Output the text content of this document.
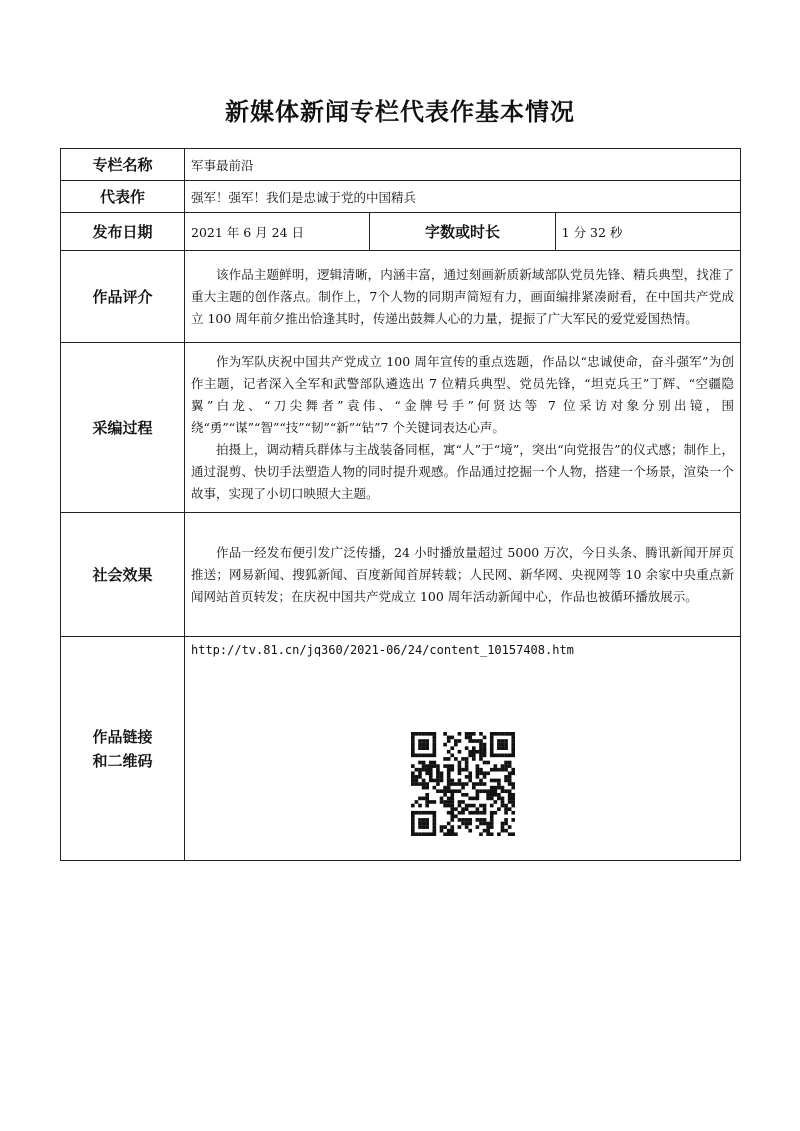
新媒体新闻专栏代表作基本情况
专栏名称	军事最前沿		
代表作	强军！强军！我们是忠诚于党的中国精兵		
发布日期	2021 年 6 月 24 日	字数或时长	1 分 32 秒
作品评介	该作品主题鲜明，逻辑清晰，内涵丰富，通过刻画新质新域部队党员先锋、精兵典型，找准了重大主题的创作落点。制作上，7个人物的同期声简短有力，画面编排紧凑耐看，在中国共产党成立 100 周年前夕推出恰逢其时，传递出鼓舞人心的力量，提振了广大军民的爱党爱国热情。		

采编过程	作为军队庆祝中国共产党成立 100 周年宣传的重点选题，作品以“忠诚使命，奋斗强军”为创作主题，记者深入全军和武警部队遴选出 7 位精兵典型、党员先锋，“坦克兵王”丁辉、“空疆隐翼”白龙、“刀尖舞者”袁伟、“金牌号手”何贤达等 7 位采访对象分别出镜，围绕“勇”“谋”“智”“技”“韧”“新”“钻”7 个关键词表达心声。

拍摄上，调动精兵群体与主战装备同框，寓“人”于“境”，突出“向党报告”的仪式感；制作上，通过混剪、快切手法塑造人物的同时提升观感。作品通过挖掘一个人物，搭建一个场景，渲染一个故事，实现了小切口映照大主题。		

社会效果	作品一经发布便引发广泛传播，24 小时播放量超过 5000 万次，今日头条、腾讯新闻开屏页推送；网易新闻、搜狐新闻、百度新闻首屏转载；人民网、新华网、央视网等 10 余家中央重点新闻网站首页转发；在庆祝中国共产党成立 100 周年活动新闻中心，作品也被循环播放展示。		

作品链接
和二维码	http://tv.81.cn/jq360/2021-06/24/content_10157408.htm		
